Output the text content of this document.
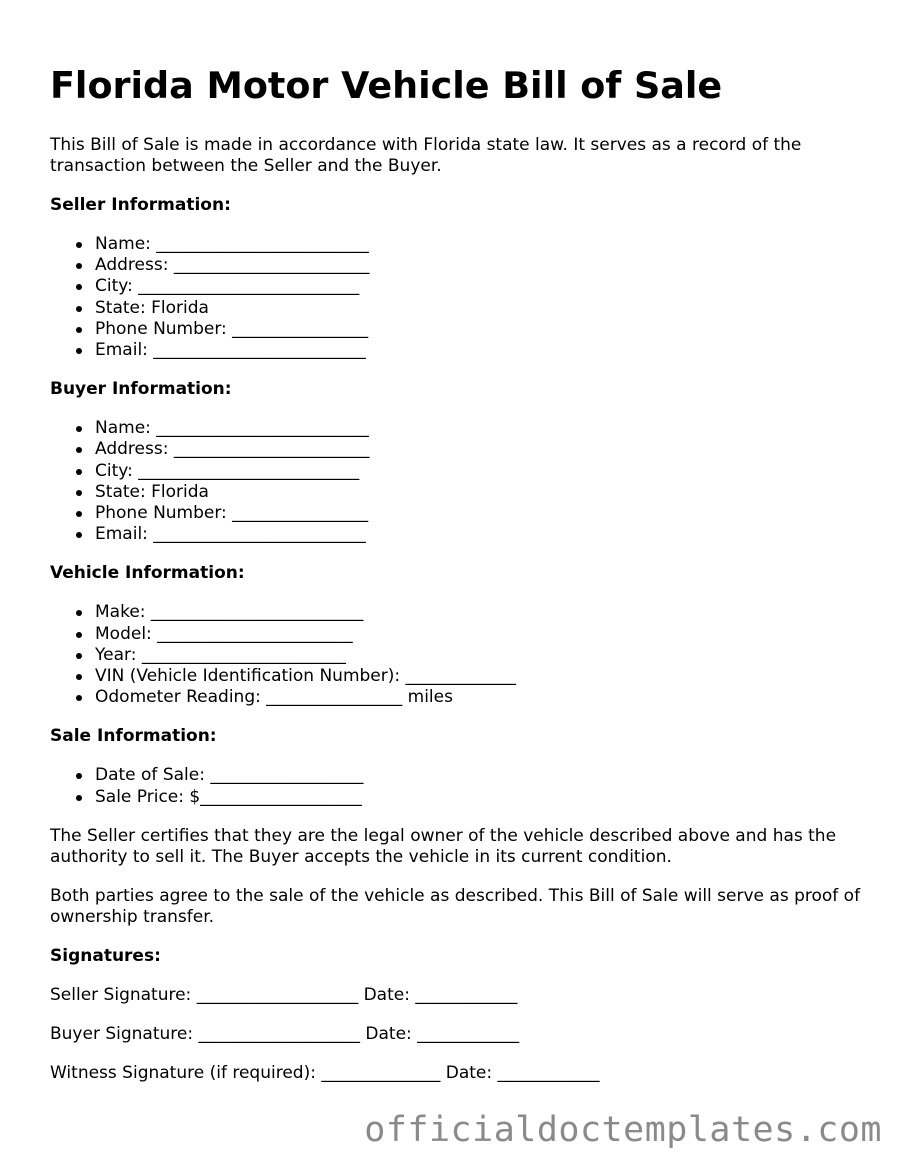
Florida Motor Vehicle Bill of Sale

This Bill of Sale is made in accordance with Florida state law. It serves as a record of the transaction between the Seller and the Buyer.

Seller Information:
Name: _________________________
Address: _______________________
City: __________________________
State: Florida
Phone Number: ________________
Email: _________________________
Buyer Information:
Name: _________________________
Address: _______________________
City: __________________________
State: Florida
Phone Number: ________________
Email: _________________________
Vehicle Information:
Make: _________________________
Model: _______________________
Year: ________________________
VIN (Vehicle Identification Number): _____________
Odometer Reading: ________________ miles
Sale Information:
Date of Sale: __________________
Sale Price: $___________________

The Seller certifies that they are the legal owner of the vehicle described above and has the authority to sell it. The Buyer accepts the vehicle in its current condition.

Both parties agree to the sale of the vehicle as described. This Bill of Sale will serve as proof of ownership transfer.

Signatures:
Seller Signature: ___________________ Date: ____________
Buyer Signature: ___________________ Date: ____________
Witness Signature (if required): ______________ Date: ____________
officialdoctemplates.com
